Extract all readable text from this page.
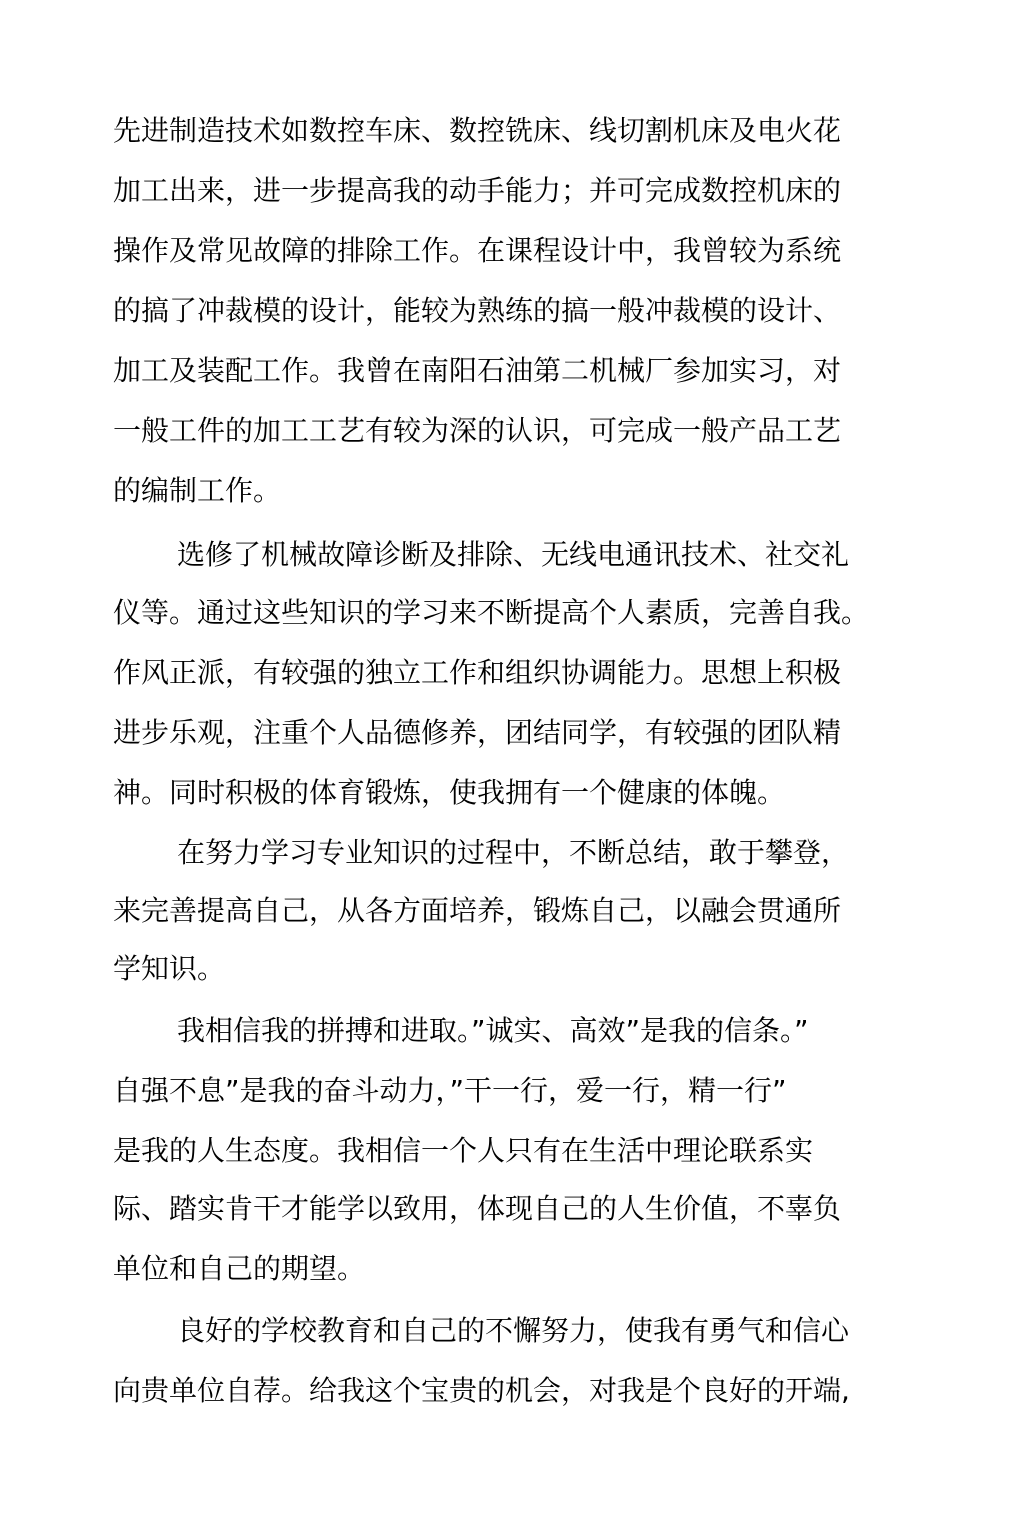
先进制造技术如数控车床、数控铣床、线切割机床及电火花

加工出来，进一步提高我的动手能力；并可完成数控机床的

操作及常见故障的排除工作。在课程设计中，我曾较为系统

的搞了冲裁模的设计，能较为熟练的搞一般冲裁模的设计、

加工及装配工作。我曾在南阳石油第二机械厂参加实习，对

一般工件的加工工艺有较为深的认识，可完成一般产品工艺

的编制工作。

选修了机械故障诊断及排除、无线电通讯技术、社交礼

仪等。通过这些知识的学习来不断提高个人素质，完善自我。

作风正派，有较强的独立工作和组织协调能力。思想上积极

进步乐观，注重个人品德修养，团结同学，有较强的团队精

神。同时积极的体育锻炼，使我拥有一个健康的体魄。

在努力学习专业知识的过程中，不断总结，敢于攀登，

来完善提高自己，从各方面培养，锻炼自己，以融会贯通所

学知识。

我相信我的拼搏和进取。”诚实、高效”是我的信条。”

自强不息”是我的奋斗动力，”干一行，爱一行，精一行”

是我的人生态度。我相信一个人只有在生活中理论联系实

际、踏实肯干才能学以致用，体现自己的人生价值，不辜负

单位和自己的期望。

良好的学校教育和自己的不懈努力，使我有勇气和信心

向贵单位自荐。给我这个宝贵的机会，对我是个良好的开端,
